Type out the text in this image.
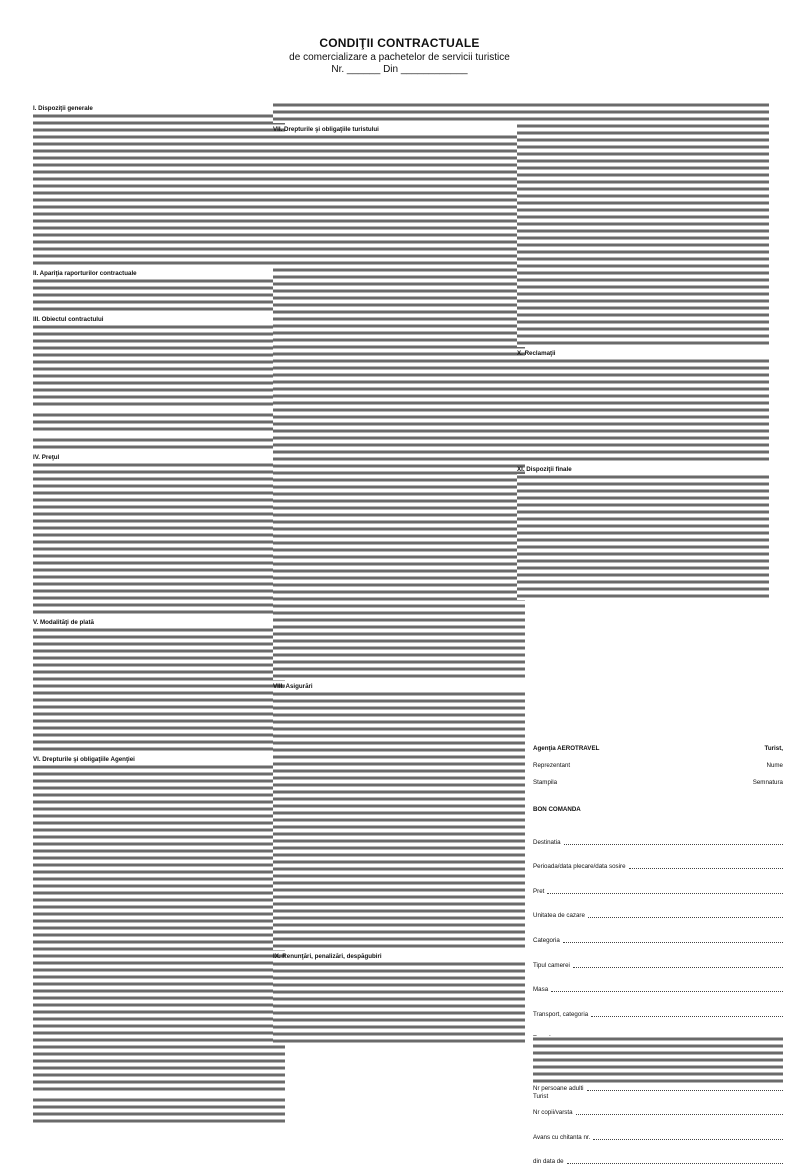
CONDIŢII CONTRACTUALE
de comercializare a pachetelor de servicii turistice
Nr. ______ Din ____________
I. Dispoziţii generale
II. Apariţia raporturilor contractuale
III. Obiectul contractului
IV. Preţul
V. Modalităţi de plată
VI. Drepturile şi obligaţiile Agenţiei
VII. Drepturile şi obligaţiile turistului
VIII. Asigurări
IX. Renunţări, penalizări, despăgubiri
X. Reclamaţii
XI. Dispoziţii finale
Agenţia AEROTRAVEL	Turist,
Reprezentant	Nume
Stampila	Semnatura
BON COMANDA
Destinatia
Perioada/data plecare/data sosire
Pret
Unitatea de cazare
Categoria
Tipul camerei
Masa
Transport, categoria
Nr persoane adulti
Nr copii/varsta
Avans cu chitanta nr.
din data de
Turist
